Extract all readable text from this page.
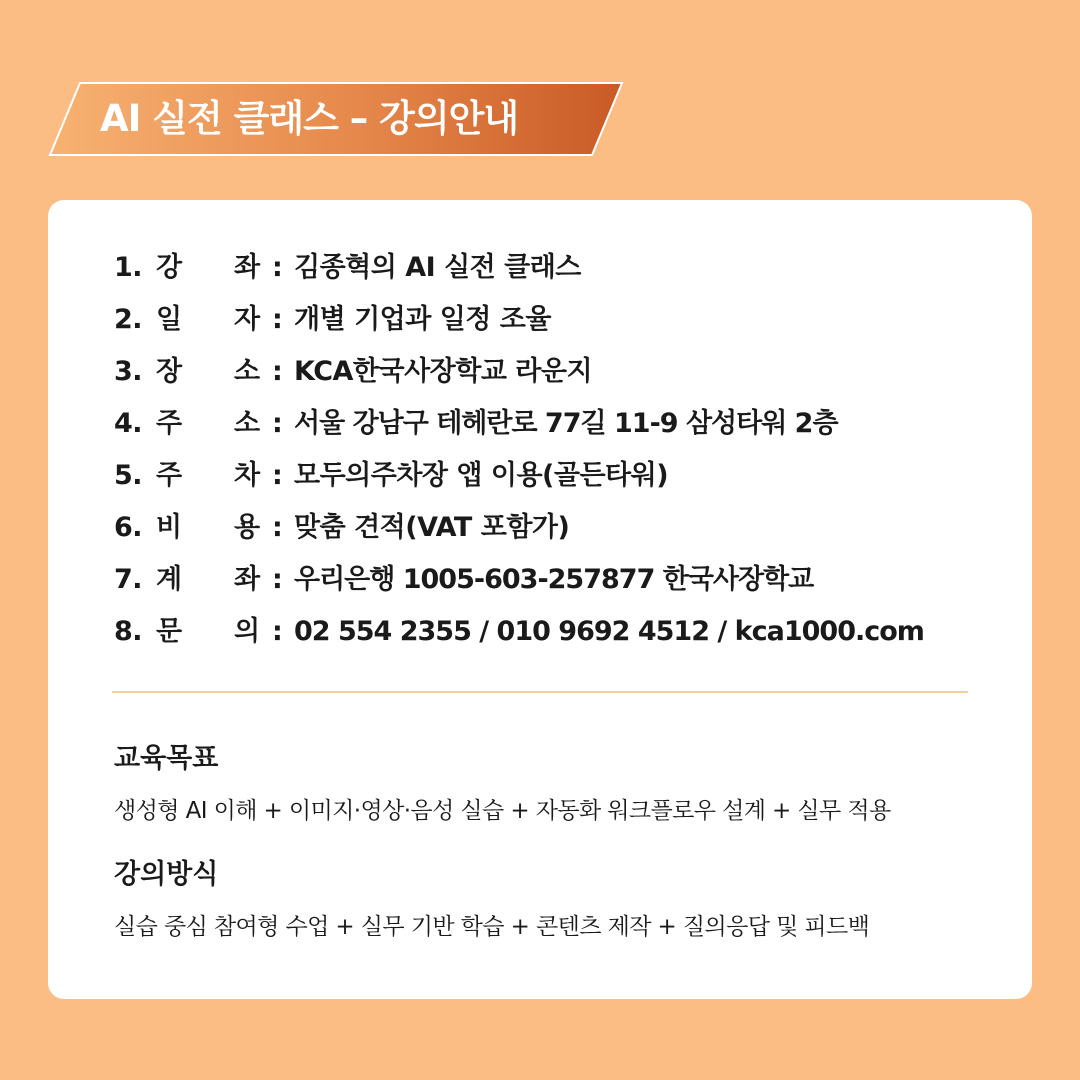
AI 실전 클래스 – 강의안내
1. 강 좌 : 김종혁의 AI 실전 클래스
2. 일 자 : 개별 기업과 일정 조율
3. 장 소 : KCA한국사장학교 라운지
4. 주 소 : 서울 강남구 테헤란로 77길 11-9 삼성타워 2층
5. 주 차 : 모두의주차장 앱 이용(골든타워)
6. 비 용 : 맞춤 견적(VAT 포함가)
7. 계 좌 : 우리은행 1005-603-257877 한국사장학교
8. 문 의 : 02 554 2355 / 010 9692 4512 / kca1000.com
교육목표
생성형 AI 이해 + 이미지·영상·음성 실습 + 자동화 워크플로우 설계 + 실무 적용
강의방식
실습 중심 참여형 수업 + 실무 기반 학습 + 콘텐츠 제작 + 질의응답 및 피드백
